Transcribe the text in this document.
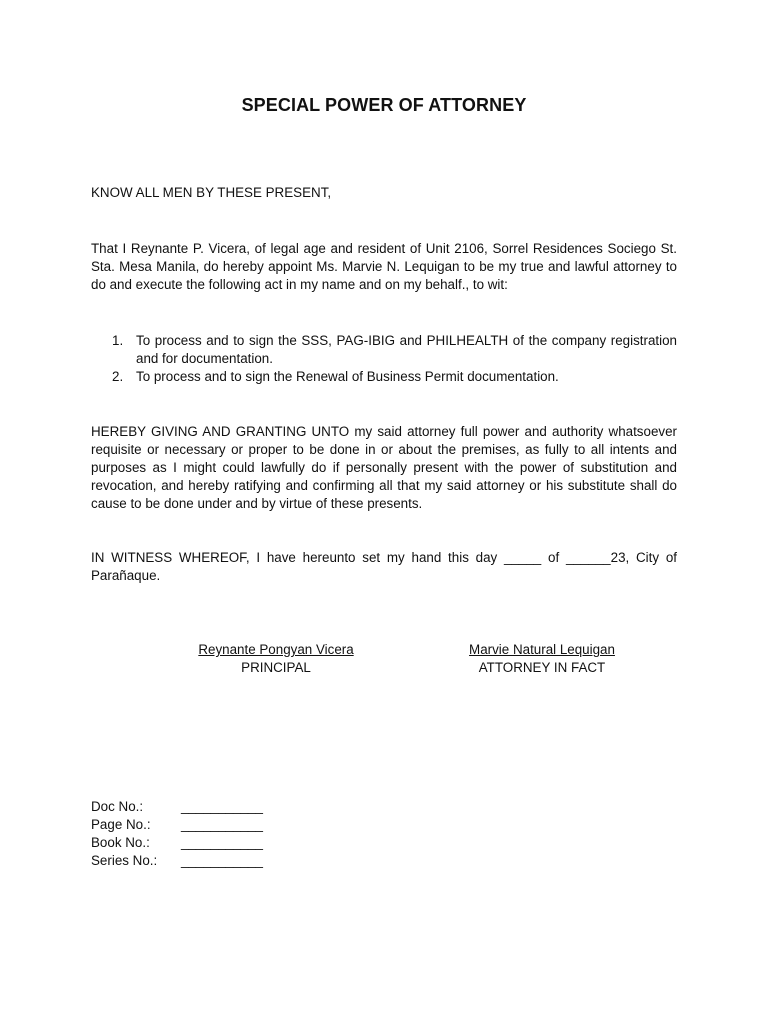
SPECIAL POWER OF ATTORNEY
KNOW ALL MEN BY THESE PRESENT,
That I Reynante P. Vicera, of legal age and resident of Unit 2106, Sorrel Residences Sociego St. Sta. Mesa Manila, do hereby appoint Ms. Marvie N. Lequigan to be my true and lawful attorney to do and execute the following act in my name and on my behalf., to wit:
1. To process and to sign the SSS, PAG-IBIG and PHILHEALTH of the company registration and for documentation.
2. To process and to sign the Renewal of Business Permit documentation.
HEREBY GIVING AND GRANTING UNTO my said attorney full power and authority whatsoever requisite or necessary or proper to be done in or about the premises, as fully to all intents and purposes as I might could lawfully do if personally present with the power of substitution and revocation, and hereby ratifying and confirming all that my said attorney or his substitute shall do cause to be done under and by virtue of these presents.
IN WITNESS WHEREOF, I have hereunto set my hand this day _____ of ______23, City of Parañaque.
Reynante Pongyan Vicera
PRINCIPAL
Marvie Natural Lequigan
ATTORNEY IN FACT
Doc No.:	___________
Page No.: ___________
Book No.: ___________
Series No.: ___________
